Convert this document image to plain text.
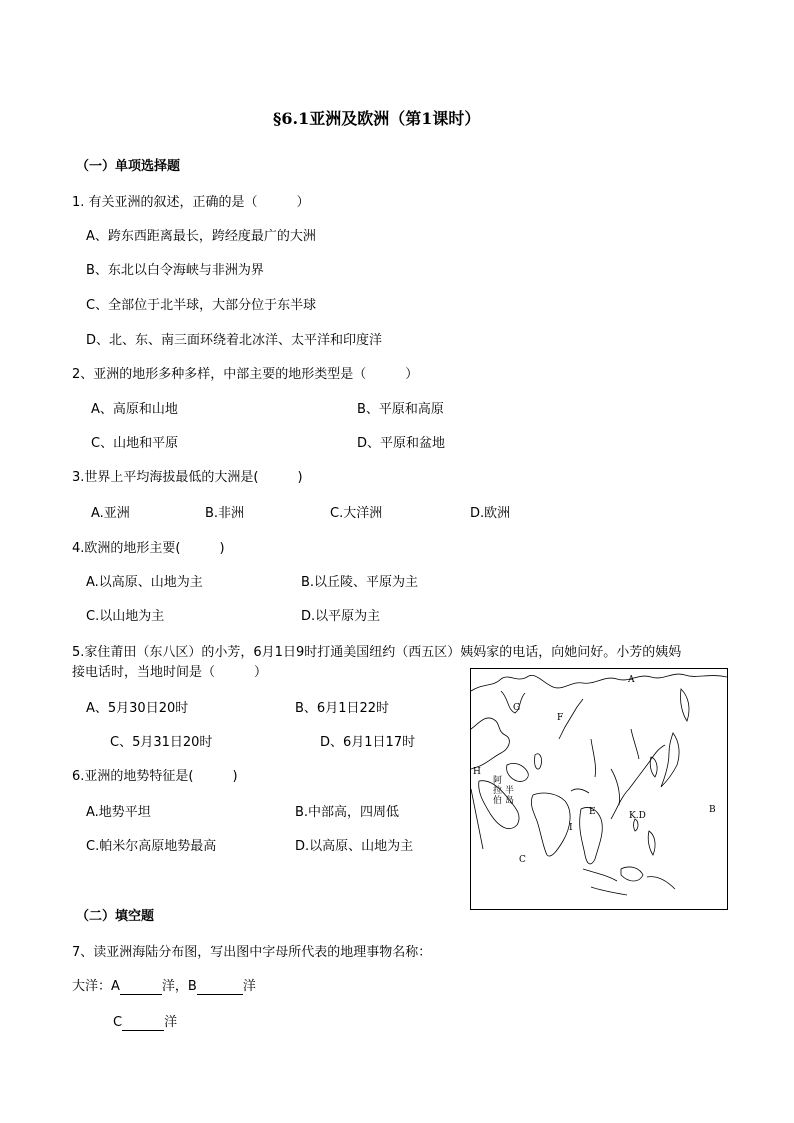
§6.1亚洲及欧洲（第1课时）
（一）单项选择题
1. 有关亚洲的叙述，正确的是（　　　）
A、跨东西距离最长，跨经度最广的大洲
B、东北以白令海峡与非洲为界
C、全部位于北半球，大部分位于东半球
D、北、东、南三面环绕着北冰洋、太平洋和印度洋
2、亚洲的地形多种多样，中部主要的地形类型是（　　　）
A、高原和山地	B、平原和高原
C、山地和平原	D、平原和盆地
3.世界上平均海拔最低的大洲是(　　　)
A.亚洲	B.非洲	C.大洋洲	D.欧洲
4.欧洲的地形主要(　　　)
A.以高原、山地为主	B.以丘陵、平原为主
C.以山地为主	D.以平原为主
5.家住莆田（东八区）的小芳，6月1日9时打通美国纽约（西五区）姨妈家的电话，向她问好。小芳的姨妈
接电话时，当地时间是（　　　）
A、5月30日20时	B、6月1日22时
C、5月31日20时	D、6月1日17时
6.亚洲的地势特征是(　　　)
A.地势平坦	B.中部高，四周低
C.帕米尔高原地势最高	D.以高原、山地为主
（二）填空题
7、读亚洲海陆分布图，写出图中字母所代表的地理事物名称：
大洋：A	洋，B	洋
C	洋
A
B
C
E
F
G
H
I
K.D
阿
拉
伯
半
岛
